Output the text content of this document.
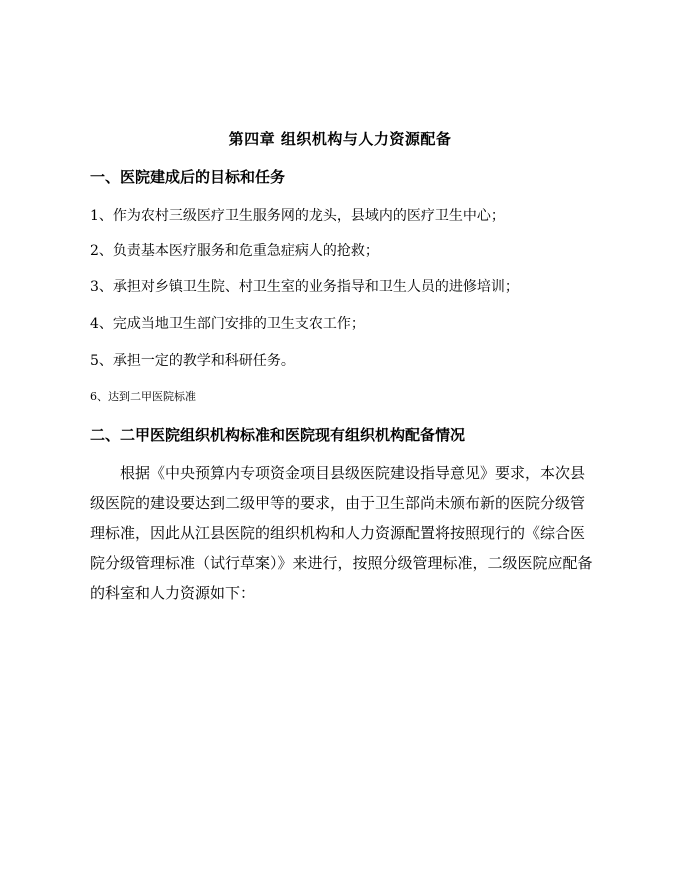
第四章 组织机构与人力资源配备
一、医院建成后的目标和任务
1、作为农村三级医疗卫生服务网的龙头，县域内的医疗卫生中心；
2、负责基本医疗服务和危重急症病人的抢救；
3、承担对乡镇卫生院、村卫生室的业务指导和卫生人员的进修培训；
4、完成当地卫生部门安排的卫生支农工作；
5、承担一定的教学和科研任务。
6、达到二甲医院标准
二、二甲医院组织机构标准和医院现有组织机构配备情况
根据《中央预算内专项资金项目县级医院建设指导意见》要求，本次县
级医院的建设要达到二级甲等的要求，由于卫生部尚未颁布新的医院分级管
理标准，因此从江县医院的组织机构和人力资源配置将按照现行的《综合医
院分级管理标准（试行草案）》来进行，按照分级管理标准，二级医院应配备
的科室和人力资源如下：
